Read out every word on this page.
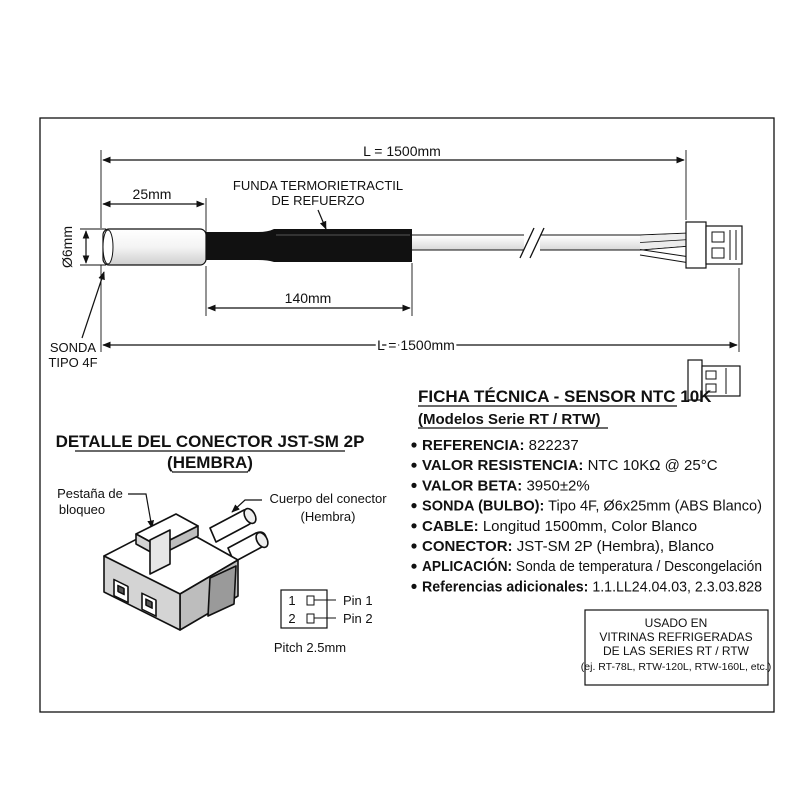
L = 1500mm
25mm
FUNDA TERMORIETRACTIL
DE REFUERZO
Ø6mm
140mm
SONDA
TIPO 4F
L = 1500mm
FICHA TÉCNICA - SENSOR NTC 10K
(Modelos Serie RT / RTW)
REFERENCIA: 822237
VALOR RESISTENCIA: NTC 10KΩ @ 25°C
VALOR BETA: 3950±2%
SONDA (BULBO): Tipo 4F, Ø6x25mm (ABS Blanco)
CABLE: Longitud 1500mm, Color Blanco
CONECTOR: JST-SM 2P (Hembra), Blanco
APLICACIÓN: Sonda de temperatura / Descongelación
Referencias adicionales: 1.1.LL24.04.03, 2.3.03.828
DETALLE DEL CONECTOR JST-SM 2P
(HEMBRA)
Pestaña de
bloqueo
Cuerpo del conector
(Hembra)
1
2
Pin 1
Pin 2
Pitch 2.5mm
USADO EN
VITRINAS REFRIGERADAS
DE LAS SERIES RT / RTW
(ej. RT-78L, RTW-120L, RTW-160L, etc.)
